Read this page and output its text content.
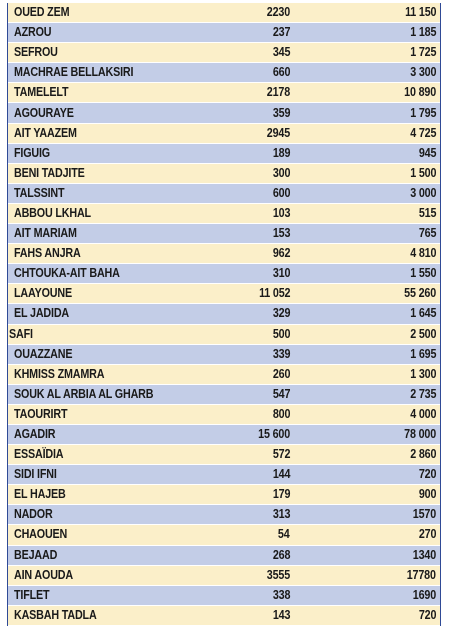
OUED ZEM	2230	11 150
AZROU	237	1 185
SEFROU	345	1 725
MACHRAE BELLAKSIRI	660	3 300
TAMELELT	2178	10 890
AGOURAYE	359	1 795
AIT YAAZEM	2945	4 725
FIGUIG	189	945
BENI TADJITE	300	1 500
TALSSINT	600	3 000
ABBOU LKHAL	103	515
AIT MARIAM	153	765
FAHS ANJRA	962	4 810
CHTOUKA-AIT BAHA	310	1 550
LAAYOUNE	11 052	55 260
EL JADIDA	329	1 645
SAFI	500	2 500
OUAZZANE	339	1 695
KHMISS ZMAMRA	260	1 300
SOUK AL ARBIA AL GHARB	547	2 735
TAOURIRT	800	4 000
AGADIR	15 600	78 000
ESSAÏDIA	572	2 860
SIDI IFNI	144	720
EL HAJEB	179	900
NADOR	313	1570
CHAOUEN	54	270
BEJAAD	268	1340
AIN AOUDA	3555	17780
TIFLET	338	1690
KASBAH TADLA	143	720
